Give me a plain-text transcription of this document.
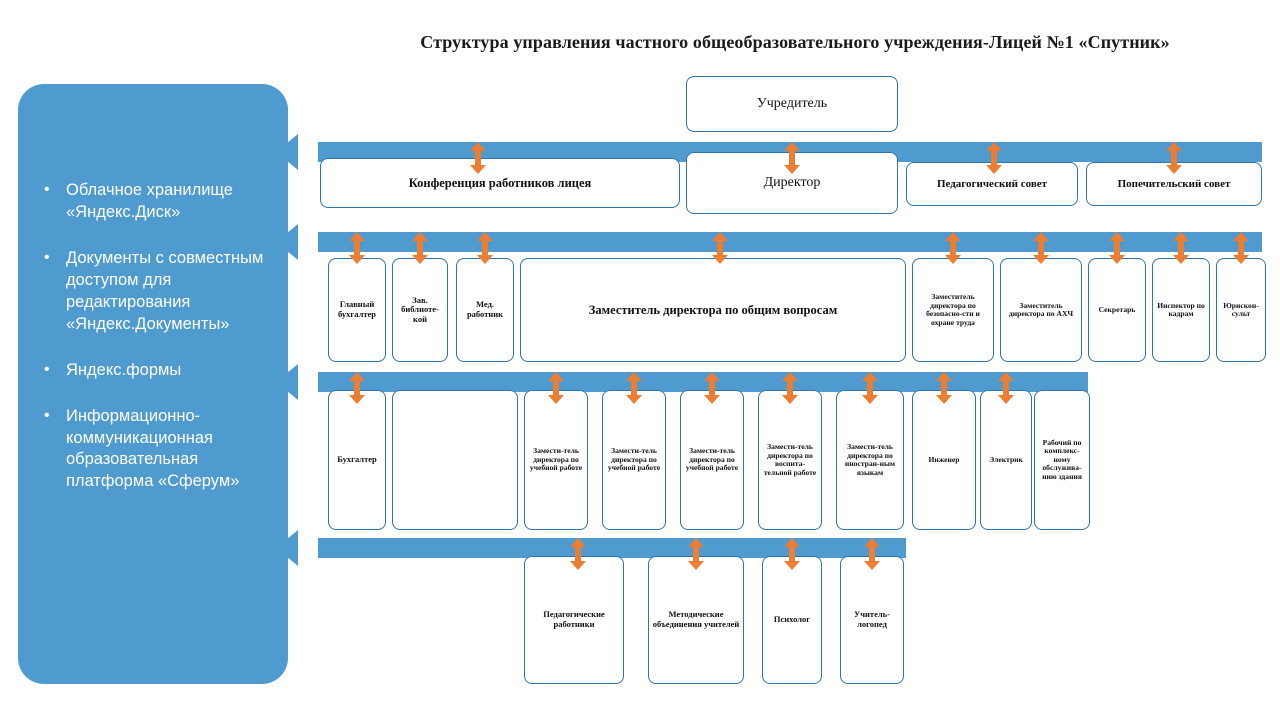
Структура управления частного общеобразовательного учреждения-Лицей №1 «Спутник»
• Облачное хранилище «Яндекс.Диск»
• Документы с совместным доступом для редактирования «Яндекс.Документы»
• Яндекс.формы
• Информационно-коммуникационная образовательная платформа «Сферум»
Учредитель
Конференция работников лицея	Директор	Педагогический совет	Попечительский совет
Главный бухгалтер
Зав. библиоте-кой
Мед. работник	Заместитель директора по общим вопросам
Заместитель директора по безопасно-сти и охране труда
Заместитель директора по АХЧ	Секретарь	Инспектор по кадрам
Юрискон-сульт
Бухгалтер
Замести-тель директора по учебной работе
Замести-тель директора по учебной работе
Замести-тель директора по учебной работе
Замести-тель директора по воспита-тельной работе
Замести-тель директора по иностран-ным языкам
Инженер	Электрик
Рабочий по комплекс-ному обслужива-нию здания
Педагогические работники
Методические объединения учителей	Психолог	Учитель-логопед
